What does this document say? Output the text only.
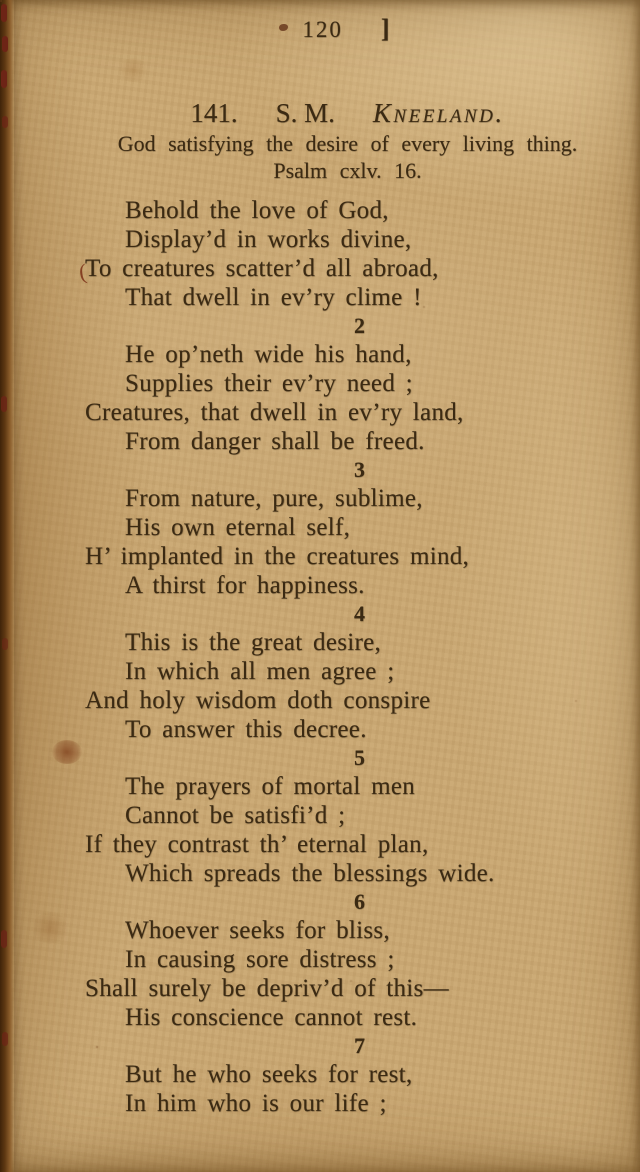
120 ]
141. S. M. Kneeland.
God satisfying the desire of every living thing.
Psalm cxlv. 16.
Behold the love of God,
Display’d in works divine,
(
To creatures scatter’d all abroad,
That dwell in ev’ry clime !
2
He op’neth wide his hand,
Supplies their ev’ry need ;
Creatures, that dwell in ev’ry land,
From danger shall be freed.
3
From nature, pure, sublime,
His own eternal self,
H’ implanted in the creatures mind,
A thirst for happiness.
4
This is the great desire,
In which all men agree ;
And holy wisdom doth conspire
To answer this decree.
5
The prayers of mortal men
Cannot be satisfi’d ;
If they contrast th’ eternal plan,
Which spreads the blessings wide.
6
Whoever seeks for bliss,
In causing sore distress ;
Shall surely be depriv’d of this—
His conscience cannot rest.
7
But he who seeks for rest,
In him who is our life ;
